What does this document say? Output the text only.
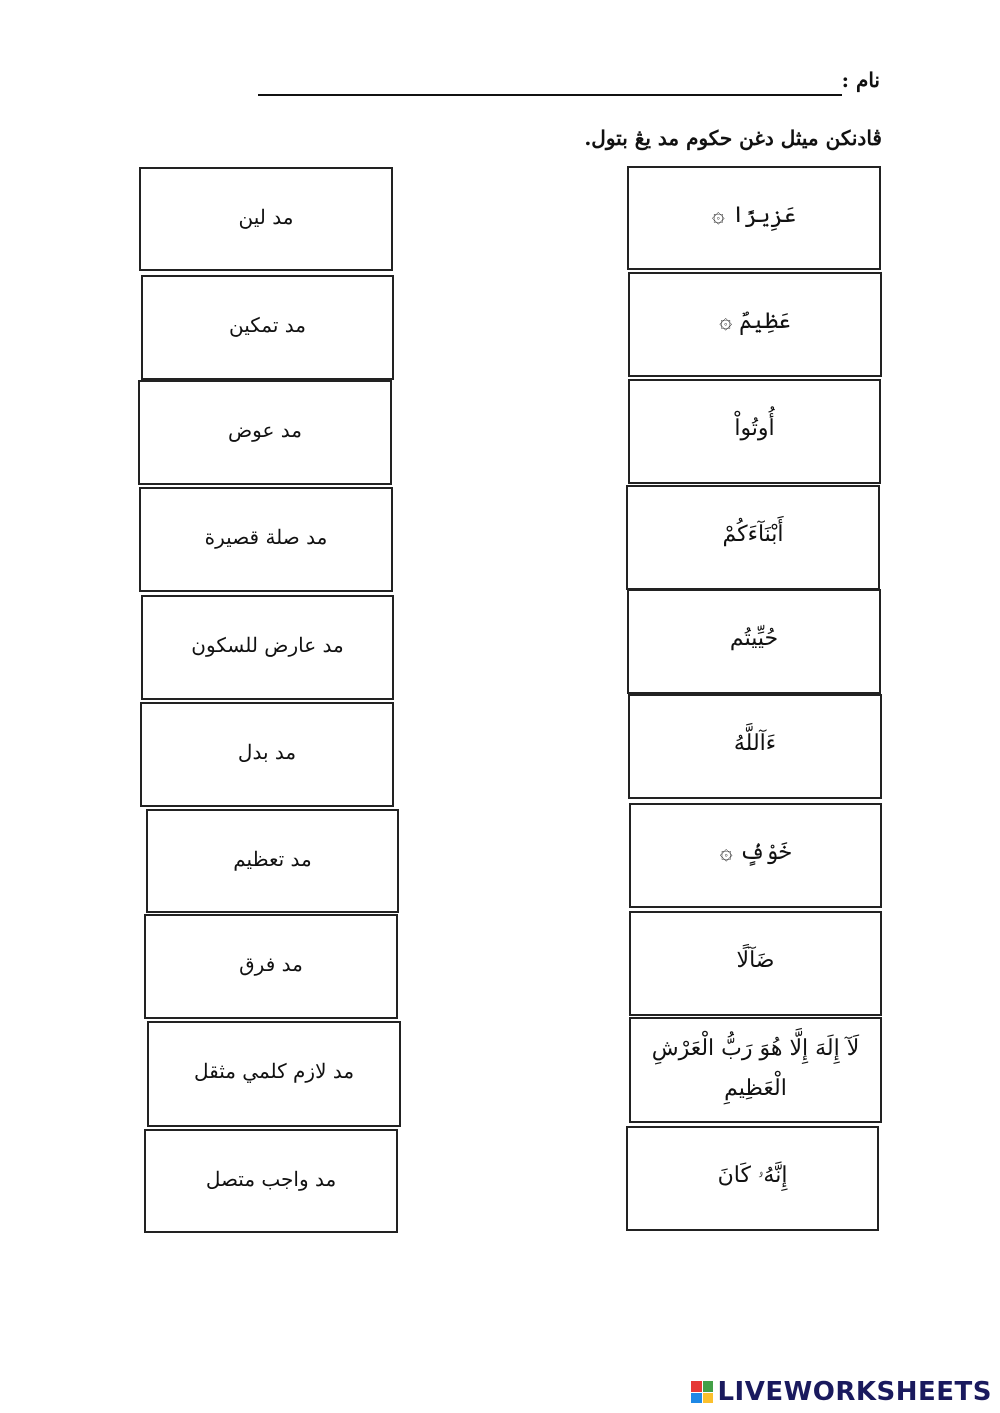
نام :
ڤادنكن ميثل دغن حکوم مد يڠ بتول.
مد لين
مد تمكين
مد عوض
مد صلة قصيرة
مد عارض للسكون
مد بدل
مد تعظيم
مد فرق
مد لازم كلمي مثقل
مد واجب متصل
عَزِيزًا ۞
عَظِيمٌ ۞
أُوتُواْ
أَبْنَآءَكُمْ
حُيِّيتُم
ءَآللَّهُ
خَوْفٍۢ ۞
ضَآلًا
لَآ إِلَهَ إِلَّا هُوَ رَبُّ الْعَرْشِ الْعَظِيمِ
إِنَّهُۥ كَانَ
LIVEWORKSHEETS
